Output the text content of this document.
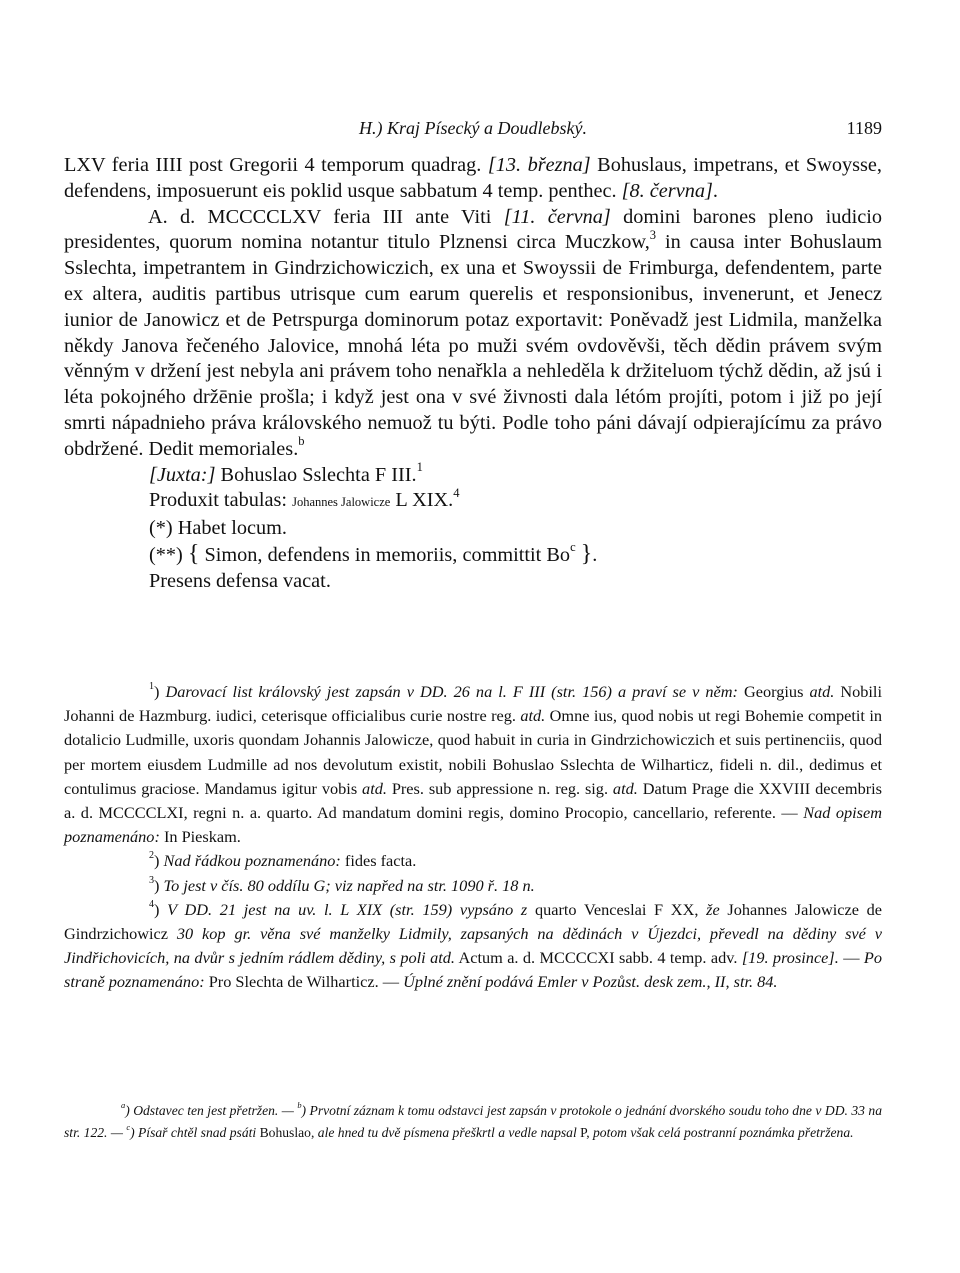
H.) Kraj Písecký a Doudlebský.	1189

LXV feria IIII post Gregorii 4 temporum quadrag. [13. března] Bohuslaus, impetrans, et Swoysse, defendens, imposuerunt eis poklid usque sabbatum 4 temp. penthec. [8. června].

A. d. MCCCCLXV feria III ante Viti [11. června] domini barones pleno iudicio presidentes, quorum nomina notantur titulo Plznensi circa Muczkow,$^3$ in causa inter Bohuslaum Sslechta, impetrantem in Gindrzichowiczich, ex una et Swoyssii de Frimburga, defendentem, parte ex altera, auditis partibus utrisque cum earum querelis et responsionibus, invenerunt, et Jenecz iunior de Janowicz et de Petrspurga dominorum potaz exportavit: Poněvadž jest Lidmila, manželka někdy Janova řečeného Jalovice, mnohá léta po muži svém ovdověvši, těch dědin právem svým věnným v držení jest nebyla ani právem toho nenařkla a nehleděla k držiteluom týchž dědin, až jsú i léta pokojného držēnie prošla; i když jest ona v své živnosti dala létóm projíti, potom i již po její smrti nápadnieho práva královského nemuož tu býti. Podle toho páni dávají odpierajícímu za právo obdržené. Dedit memoriales.$^b$

[Juxta:] Bohuslao Sslechta F III.$^1$

Produxit tabulas: Johannes Jalowicze L XIX.$^4$

(*) Habet locum.

(**) { Simon, defendens in memoriis, committit Bo$^c$ }.

Presens defensa vacat.

$^1$) Darovací list královský jest zapsán v DD. 26 na l. F III (str. 156) a praví se v něm: Georgius atd. Nobili Johanni de Hazmburg. iudici, ceterisque officialibus curie nostre reg. atd. Omne ius, quod nobis ut regi Bohemie competit in dotalicio Ludmille, uxoris quondam Johannis Jalowicze, quod habuit in curia in Gindrzichowiczich et suis pertinenciis, quod per mortem eiusdem Ludmille ad nos devolutum existit, nobili Bohuslao Sslechta de Wilharticz, fideli n. dil., dedimus et contulimus graciose. Mandamus igitur vobis atd. Pres. sub appressione n. reg. sig. atd. Datum Prage die XXVIII decembris a. d. MCCCCLXI, regni n. a. quarto. Ad mandatum domini regis, domino Procopio, cancellario, referente. — Nad opisem poznamenáno: In Pieskam.

$^2$) Nad řádkou poznamenáno: fides facta.

$^3$) To jest v čís. 80 oddílu G; viz napřed na str. 1090 ř. 18 n.

$^4$) V DD. 21 jest na uv. l. L XIX (str. 159) vypsáno z quarto Venceslai F XX, že Johannes Jalowicze de Gindrzichowicz 30 kop gr. věna své manželky Lidmily, zapsaných na dědinách v Újezdci, převedl na dědiny své v Jindřichovicích, na dvůr s jedním rádlem dědiny, s poli atd. Actum a. d. MCCCCXI sabb. 4 temp. adv. [19. prosince]. — Po straně poznamenáno: Pro Slechta de Wilharticz. — Úplné znění podává Emler v Pozůst. desk zem., II, str. 84.

$^a$) Odstavec ten jest přetržen. — $^b$) Prvotní záznam k tomu odstavci jest zapsán v protokole o jednání dvorského soudu toho dne v DD. 33 na str. 122. — $^c$) Písař chtěl snad psáti Bohuslao, ale hned tu dvě písmena přeškrtl a vedle napsal P, potom však celá postranní poznámka přetržena.
